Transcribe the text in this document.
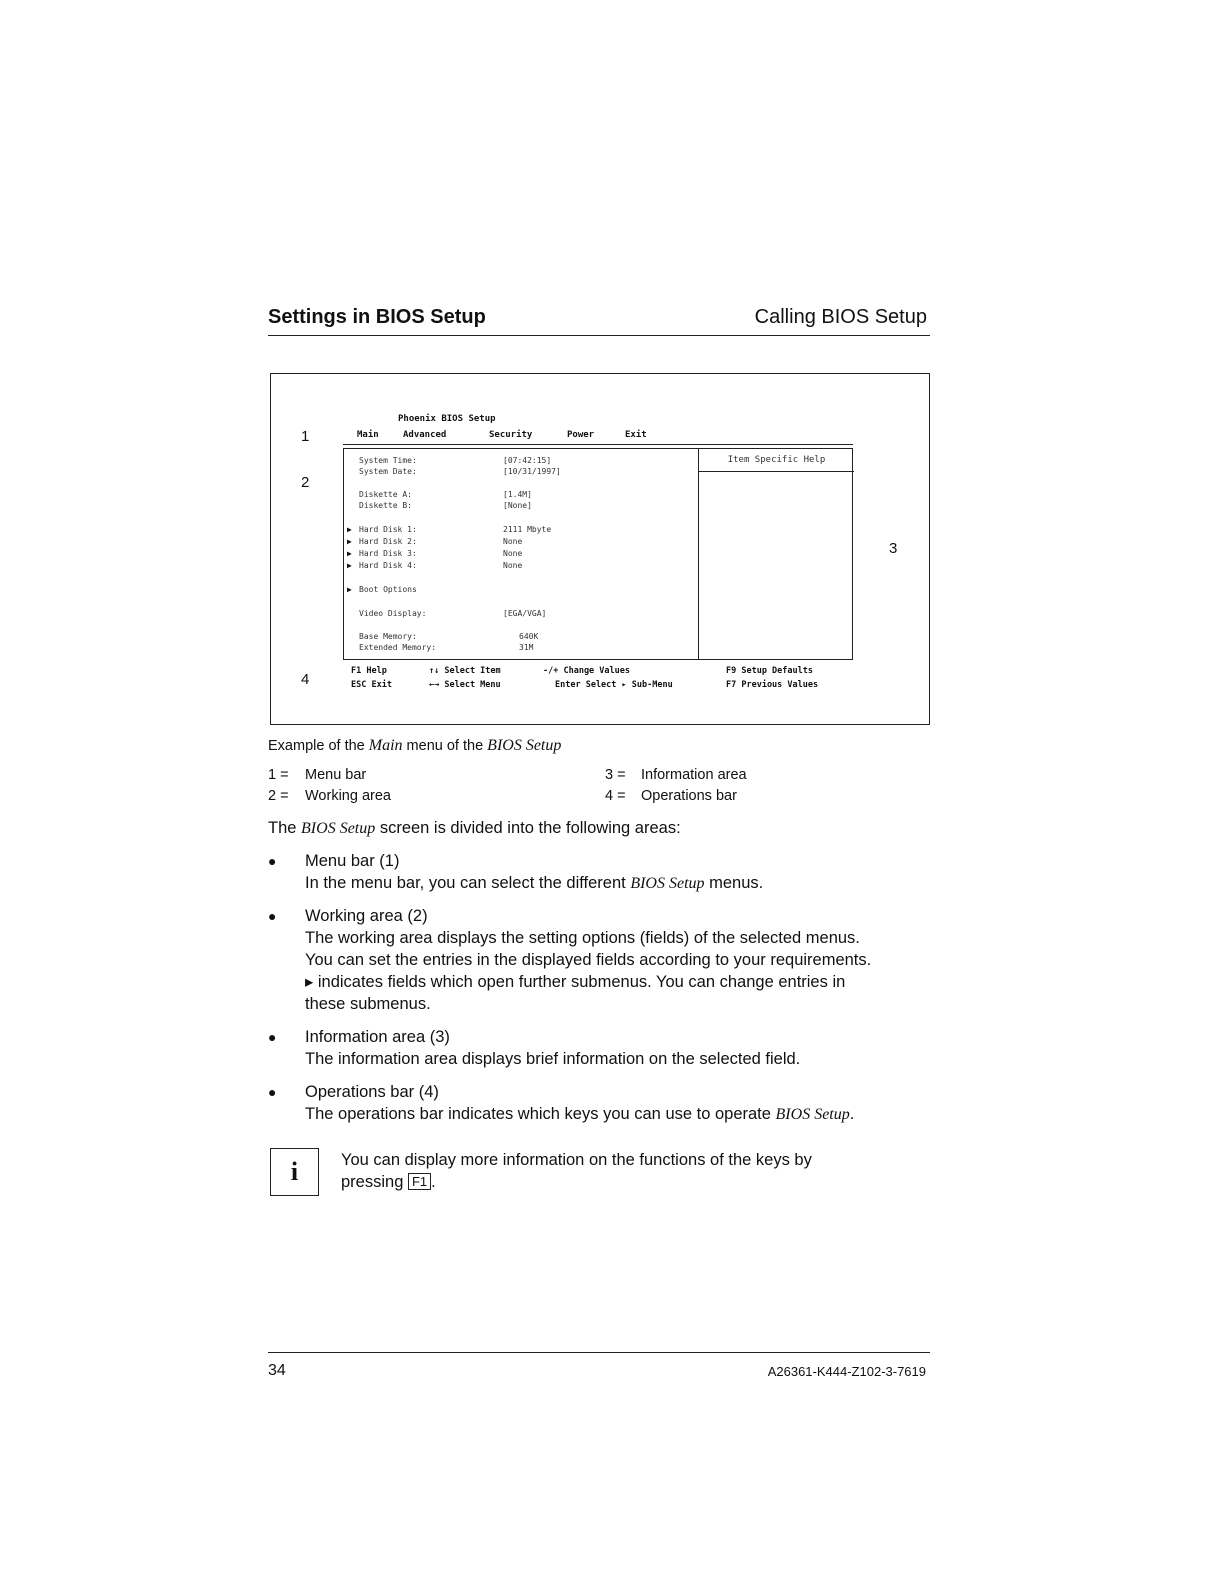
Settings in BIOS Setup	Calling BIOS Setup
1
2
3
4
Phoenix BIOS Setup
Main	Advanced	Security	Power	Exit
Item Specific Help
System Time:	[07:42:15]
System Date:	[10/31/1997]
Diskette A:	[1.4M]
Diskette B:	[None]
▶ Hard Disk 1:	2111 Mbyte
▶ Hard Disk 2:	None
▶ Hard Disk 3:	None
▶ Hard Disk 4:	None
▶ Boot Options
Video Display:	[EGA/VGA]
Base Memory:	640K
Extended Memory:	31M
F1 Help	↑↓ Select Item	-/+ Change Values	F9 Setup Defaults
ESC Exit	←→ Select Menu	Enter Select ▸ Sub-Menu	F7 Previous Values
Example of the Main menu of the BIOS Setup
1 = Menu bar
2 = Working area
3 = Information area
4 = Operations bar
The BIOS Setup screen is divided into the following areas:
● Menu bar (1)
In the menu bar, you can select the different BIOS Setup menus.
● Working area (2)
The working area displays the setting options (fields) of the selected menus.
You can set the entries in the displayed fields according to your requirements.
▸ indicates fields which open further submenus. You can change entries in
these submenus.
● Information area (3)
The information area displays brief information on the selected field.
● Operations bar (4)
The operations bar indicates which keys you can use to operate BIOS Setup.
i	You can display more information on the functions of the keys by
pressing F1 .
34	A26361-K444-Z102-3-7619
